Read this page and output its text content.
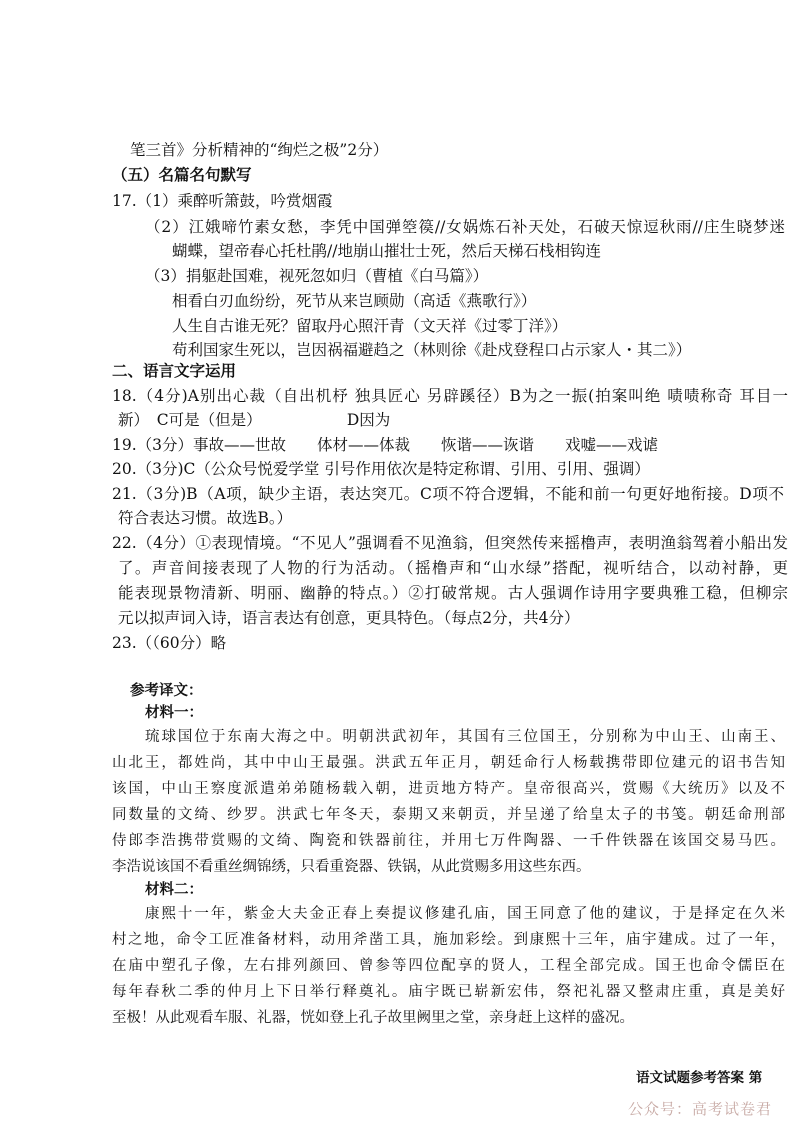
笔三首》分析精神的“绚烂之极”2分）

（五）名篇名句默写

17.（1）乘醉听箫鼓，吟赏烟霞

（2）江娥啼竹素女愁，李凭中国弹箜篌//女娲炼石补天处，石破天惊逗秋雨//庄生晓梦迷

蝴蝶，望帝春心托杜鹃//地崩山摧壮士死，然后天梯石栈相钩连

（3）捐躯赴国难，视死忽如归（曹植《白马篇》）

相看白刃血纷纷，死节从来岂顾勋（高适《燕歌行》）

人生自古谁无死？留取丹心照汗青（文天祥《过零丁洋》）

苟利国家生死以，岂因祸福避趋之（林则徐《赴戍登程口占示家人・其二》）

二、语言文字运用

18.（4分)A别出心裁（自出机杼 独具匠心 另辟蹊径）B为之一振(拍案叫绝 啧啧称奇 耳目一

新）　C可是（但是）　　　　　　D因为

19.（3分）事故——世故　　体材——体裁　　恢谐——诙谐　　戏嘘——戏谑

20.（3分)C（公众号悦爱学堂 引号作用依次是特定称谓、引用、引用、强调）

21.（3分)B（A项，缺少主语，表达突兀。C项不符合逻辑，不能和前一句更好地衔接。D项不

符合表达习惯。故选B。）

22.（4分）①表现情境。“不见人”强调看不见渔翁，但突然传来摇橹声，表明渔翁驾着小船出发

了。声音间接表现了人物的行为活动。（摇橹声和“山水绿”搭配，视听结合，以动衬静，更

能表现景物清新、明丽、幽静的特点。）②打破常规。古人强调作诗用字要典雅工稳，但柳宗

元以拟声词入诗，语言表达有创意，更具特色。（每点2分，共4分）

23.（（60分）略

参考译文：

材料一：

琉球国位于东南大海之中。明朝洪武初年，其国有三位国王，分别称为中山王、山南王、

山北王，都姓尚，其中中山王最强。洪武五年正月，朝廷命行人杨载携带即位建元的诏书告知

该国，中山王察度派遣弟弟随杨载入朝，进贡地方特产。皇帝很高兴，赏赐《大统历》以及不

同数量的文绮、纱罗。洪武七年冬天，泰期又来朝贡，并呈递了给皇太子的书笺。朝廷命刑部

侍郎李浩携带赏赐的文绮、陶瓷和铁器前往，并用七万件陶器、一千件铁器在该国交易马匹。

李浩说该国不看重丝绸锦绣，只看重瓷器、铁锅，从此赏赐多用这些东西。

材料二：

康熙十一年，紫金大夫金正春上奏提议修建孔庙，国王同意了他的建议，于是择定在久米

村之地，命令工匠准备材料，动用斧凿工具，施加彩绘。到康熙十三年，庙宇建成。过了一年，

在庙中塑孔子像，左右排列颜回、曾参等四位配享的贤人，工程全部完成。国王也命令儒臣在

每年春秋二季的仲月上下日举行释奠礼。庙宇既已崭新宏伟，祭祀礼器又整肃庄重，真是美好

至极！从此观看车服、礼器，恍如登上孔子故里阙里之堂，亲身赶上这样的盛况。

语文试题参考答案 第

公众号：高考试卷君
